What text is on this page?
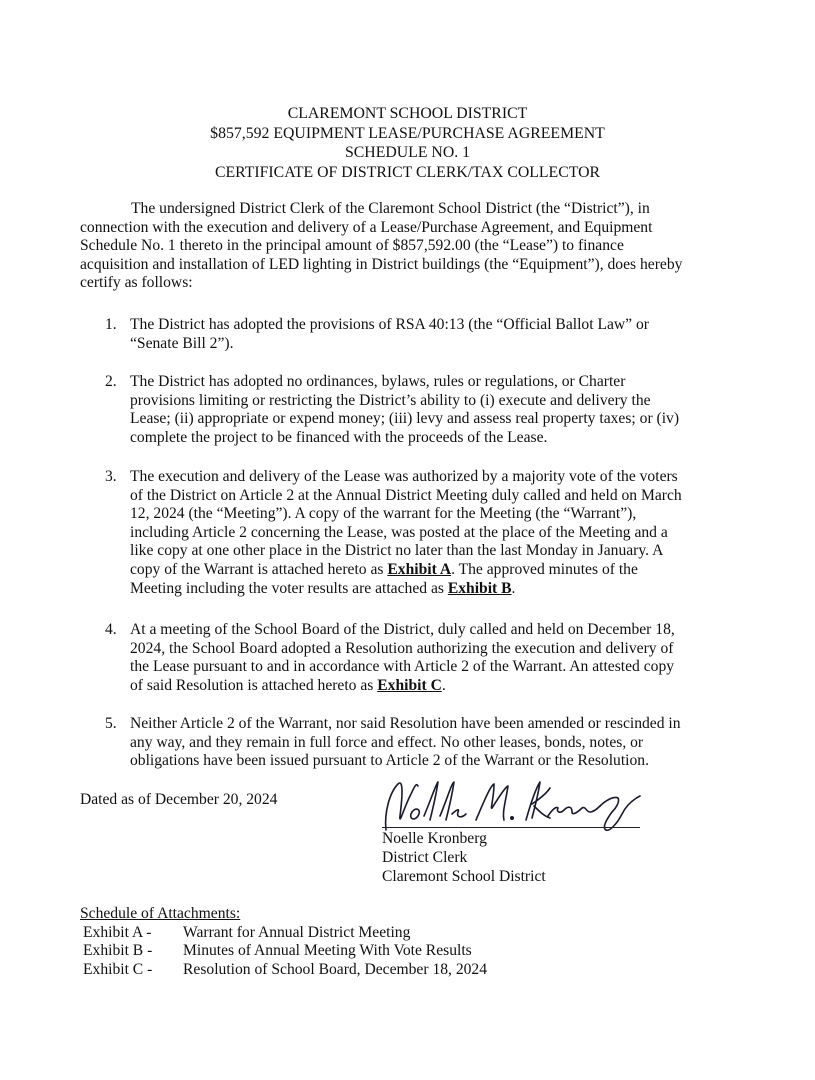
CLAREMONT SCHOOL DISTRICT
$857,592 EQUIPMENT LEASE/PURCHASE AGREEMENT
SCHEDULE NO. 1
CERTIFICATE OF DISTRICT CLERK/TAX COLLECTOR
The undersigned District Clerk of the Claremont School District (the “District”), in
connection with the execution and delivery of a Lease/Purchase Agreement, and Equipment
Schedule No. 1 thereto in the principal amount of $857,592.00 (the “Lease”) to finance
acquisition and installation of LED lighting in District buildings (the “Equipment”), does hereby
certify as follows:
1. The District has adopted the provisions of RSA 40:13 (the “Official Ballot Law” or
“Senate Bill 2”).
2. The District has adopted no ordinances, bylaws, rules or regulations, or Charter
provisions limiting or restricting the District’s ability to (i) execute and delivery the
Lease; (ii) appropriate or expend money; (iii) levy and assess real property taxes; or (iv)
complete the project to be financed with the proceeds of the Lease.
3. The execution and delivery of the Lease was authorized by a majority vote of the voters
of the District on Article 2 at the Annual District Meeting duly called and held on March
12, 2024 (the “Meeting”). A copy of the warrant for the Meeting (the “Warrant”),
including Article 2 concerning the Lease, was posted at the place of the Meeting and a
like copy at one other place in the District no later than the last Monday in January. A
copy of the Warrant is attached hereto as Exhibit A. The approved minutes of the
Meeting including the voter results are attached as Exhibit B.
4. At a meeting of the School Board of the District, duly called and held on December 18,
2024, the School Board adopted a Resolution authorizing the execution and delivery of
the Lease pursuant to and in accordance with Article 2 of the Warrant. An attested copy
of said Resolution is attached hereto as Exhibit C.
5. Neither Article 2 of the Warrant, nor said Resolution have been amended or rescinded in
any way, and they remain in full force and effect. No other leases, bonds, notes, or
obligations have been issued pursuant to Article 2 of the Warrant or the Resolution.
Dated as of December 20, 2024
Noelle Kronberg
District Clerk
Claremont School District
Schedule of Attachments:
Exhibit A - Warrant for Annual District Meeting
Exhibit B - Minutes of Annual Meeting With Vote Results
Exhibit C - Resolution of School Board, December 18, 2024
